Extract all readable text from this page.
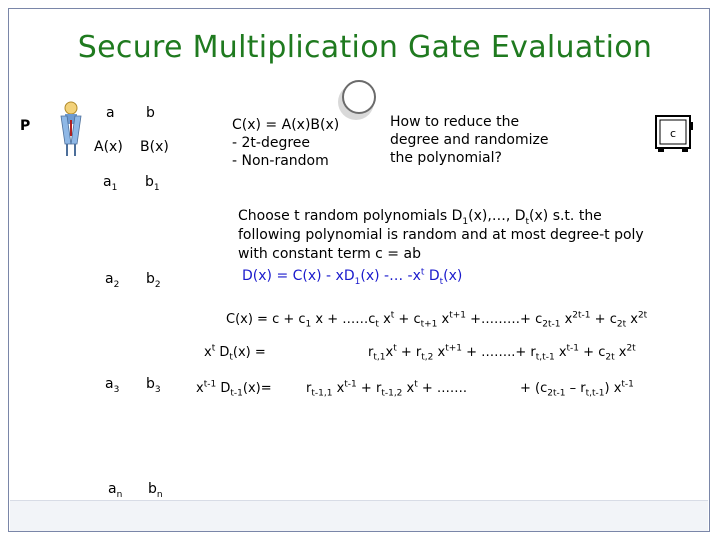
Secure Multiplication Gate Evaluation
P
a b
A(x) B(x)
$a_1$ $b_1$
$a_2$ $b_2$
$a_3$ $b_3$
$a_n$ $b_n$
C(x) = A(x)B(x)
- 2t-degree
- Non-random
How to reduce the
degree and randomize
the polynomial?
c
Choose t random polynomials $D_1(x),\dots$, $D_t(x)$ s.t. the
following polynomial is random and at most degree-t poly
with constant term c = ab
$D(x) = C(x) - xD_1(x)$ -… $-x^t$ $D_t(x)$
$C(x) = c + c_1$ $x + \dots\dots c_t$ $x^t + c_{t+1}$ $x^{t+1}$ +………+ $c_{2t-1}$ $x^{2t-1} + c_{2t}$ $x^{2t}$
$x^t$ $D_t(x)$ =	$r_{t,1}x^t + r_{t,2}$ $x^{t+1}$ + ……..+ $r_{t,t-1}$ $x^{t-1} + c_{2t}$ $x^{2t}$
$x^{t-1}$ $D_{t-1}(x)=$	$r_{t-1,1}$ $x^{t-1} + r_{t-1,2}$ $x^t$ + …….	+ $(c_{2t-1} - r_{t,t-1})$ $x^{t-1}$
